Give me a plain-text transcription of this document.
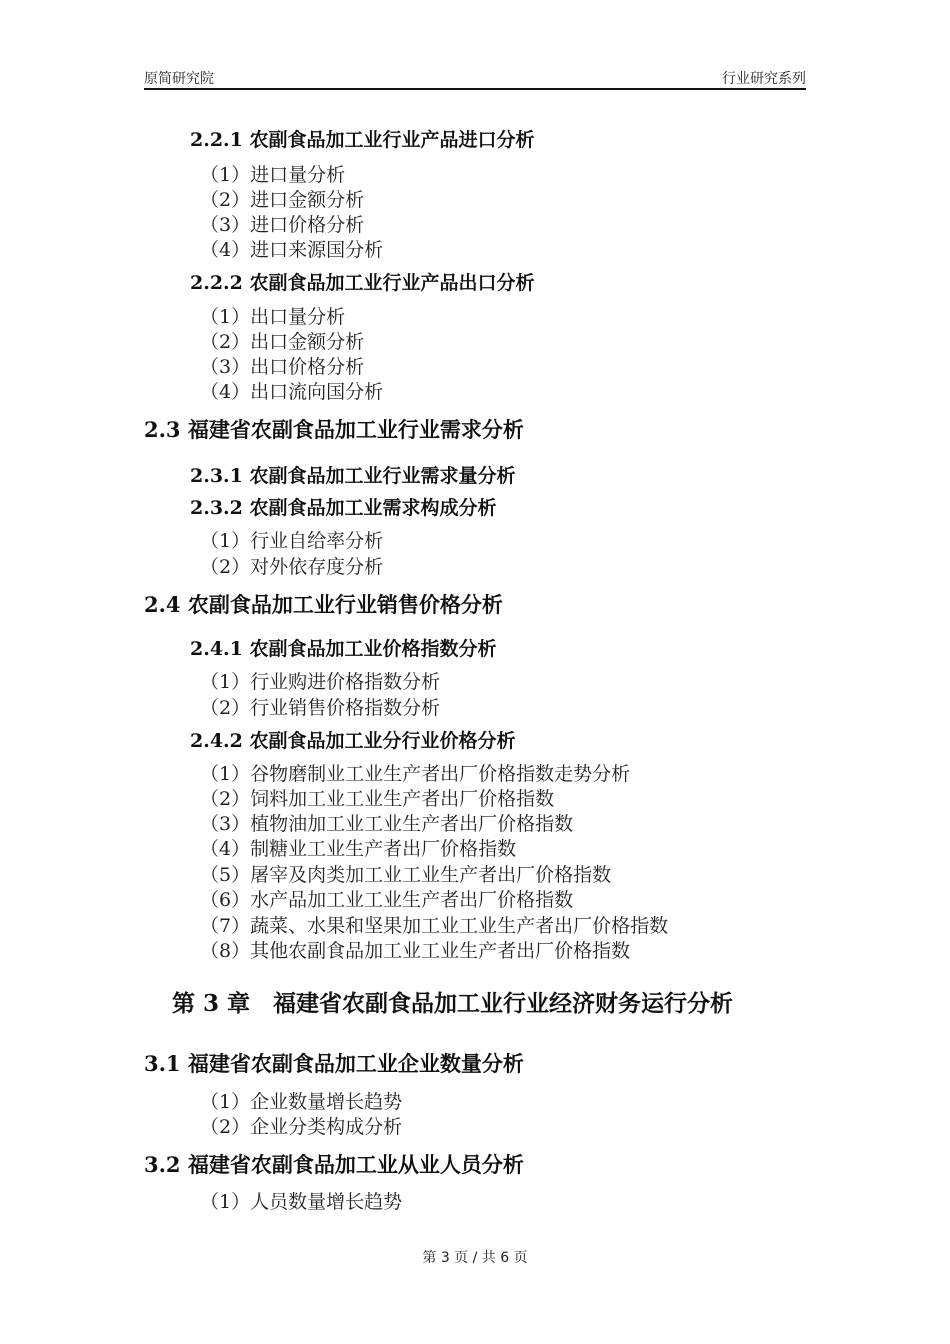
原简研究院	行业研究系列
2.2.1 农副食品加工业行业产品进口分析
（1）进口量分析
（2）进口金额分析
（3）进口价格分析
（4）进口来源国分析
2.2.2 农副食品加工业行业产品出口分析
（1）出口量分析
（2）出口金额分析
（3）出口价格分析
（4）出口流向国分析
2.3 福建省农副食品加工业行业需求分析
2.3.1 农副食品加工业行业需求量分析
2.3.2 农副食品加工业需求构成分析
（1）行业自给率分析
（2）对外依存度分析
2.4 农副食品加工业行业销售价格分析
2.4.1 农副食品加工业价格指数分析
（1）行业购进价格指数分析
（2）行业销售价格指数分析
2.4.2 农副食品加工业分行业价格分析
（1）谷物磨制业工业生产者出厂价格指数走势分析
（2）饲料加工业工业生产者出厂价格指数
（3）植物油加工业工业生产者出厂价格指数
（4）制糖业工业生产者出厂价格指数
（5）屠宰及肉类加工业工业生产者出厂价格指数
（6）水产品加工业工业生产者出厂价格指数
（7）蔬菜、水果和坚果加工业工业生产者出厂价格指数
（8）其他农副食品加工业工业生产者出厂价格指数
第 3 章　福建省农副食品加工业行业经济财务运行分析
3.1 福建省农副食品加工业企业数量分析
（1）企业数量增长趋势
（2）企业分类构成分析
3.2 福建省农副食品加工业从业人员分析
（1）人员数量增长趋势
第 3 页 / 共 6 页
